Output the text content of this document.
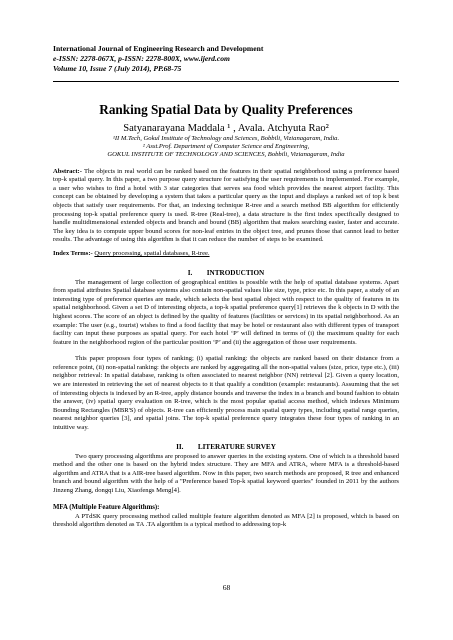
International Journal of Engineering Research and Development
e-ISSN: 2278-067X, p-ISSN: 2278-800X, www.ijerd.com
Volume 10, Issue 7 (July 2014), PP.68-75
Ranking Spatial Data by Quality Preferences
Satyanarayana Maddala ¹ , Avala. Atchyuta Rao²
¹II M.Tech, Gokul Institute of Technology and Sciences, Bobbili, Vizianagaram, India.
² Asst.Prof. Department of Computer Science and Engineering,
GOKUL INSTITUTE OF TECHNOLOGY AND SCIENCES, Bobbili, Vizianagaram, India
Abstract:- The objects in real world can be ranked based on the features in their spatial neighborhood using a preference based top-k spatial query. In this paper, a two purpose query structure for satisfying the user requirements is implemented. For example, a user who wishes to find a hotel with 3 star categories that serves sea food which provides the nearest airport facility. This concept can be obtained by developing a system that takes a particular query as the input and displays a ranked set of top k best objects that satisfy user requirements. For that, an indexing technique R-tree and a search method BB algorithm for efficiently processing top-k spatial preference query is used. R-tree (Real-tree), a data structure is the first index specifically designed to handle multidimensional extended objects and branch and bound (BB) algorithm that makes searching easier, faster and accurate. The key idea is to compute upper bound scores for non-leaf entries in the object tree, and prunes those that cannot lead to better results. The advantage of using this algorithm is that it can reduce the number of steps to be examined.
Index Terms:- Query processing, spatial databases, R-tree.
I.        INTRODUCTION
The management of large collection of geographical entities is possible with the help of spatial database systems. Apart from spatial attributes Spatial database systems also contain non-spatial values like size, type, price etc. In this paper, a study of an interesting type of preference queries are made, which selects the best spatial object with respect to the quality of features in its spatial neighborhood. Given a set D of interesting objects, a top-k spatial preference query[1] retrieves the k objects in D with the highest scores. The score of an object is defined by the quality of features (facilities or services) in its spatial neighborhood. As an example: The user (e.g., tourist) wishes to find a food facility that may be hotel or restaurant also with different types of transport facility can input these purposes as spatial query. For each hotel ‘P’ will defined in terms of (i) the maximum quality for each feature in the neighborhood region of the particular position ‘P’ and (ii) the aggregation of those user requirements.
This paper proposes four types of ranking; (i) spatial ranking: the objects are ranked based on their distance from a reference point, (ii) non-spatial ranking: the objects are ranked by aggregating all the non-spatial values (size, price, type etc.), (iii) neighbor retrieval: In spatial database, ranking is often associated to nearest neighbor (NN) retrieval [2]. Given a query location, we are interested in retrieving the set of nearest objects to it that qualify a condition (example: restaurants). Assuming that the set of interesting objects is indexed by an R-tree, apply distance bounds and traverse the index in a branch and bound fashion to obtain the answer, (iv) spatial query evaluation on R-tree, which is the most popular spatial access method, which indexes Minimum Bounding Rectangles (MBR'S) of objects. R-tree can efficiently process main spatial query types, including spatial range queries, nearest neighbor queries [3], and spatial joins. The top-k spatial preference query integrates these four types of ranking in an intuitive way.
II.        LITERATURE SURVEY
Two query processing algorithms are proposed to answer queries in the existing system. One of which is a threshold based method and the other one is based on the hybrid index structure. They are MFA and ATRA, where MFA is a threshold-based algorithm and ATRA that is a AIR-tree based algorithm. Now in this paper, two search methods are proposed, R tree and enhanced branch and bound algorithm with the help of a "Preference based Top-k spatial keyword queries" founded in 2011 by the authors Jinzeng Zhang, dongqi Liu, Xiaofengs Meng[4].
MFA (Multiple Feature Algorithms):
A PTdSK query processing method called multiple feature algorithm denoted as MFA [2] is proposed, which is based on threshold algorithm denoted as TA .TA algorithm is a typical method to addressing top-k
68
